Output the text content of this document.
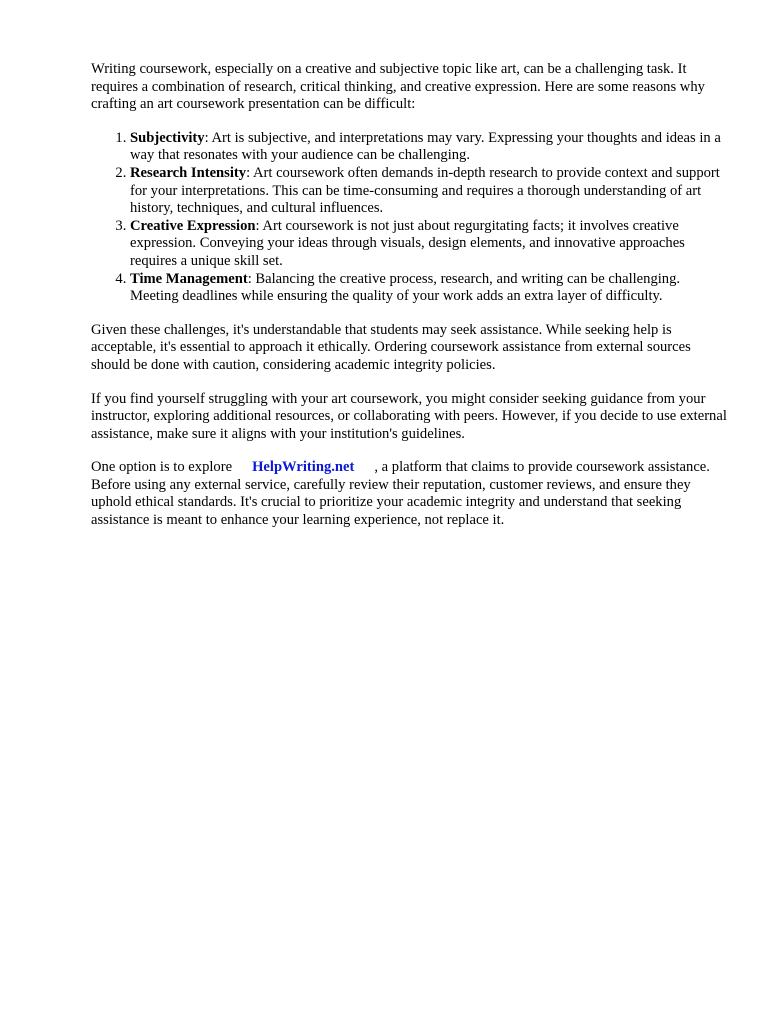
Writing coursework, especially on a creative and subjective topic like art, can be a challenging task. It requires a combination of research, critical thinking, and creative expression. Here are some reasons why crafting an art coursework presentation can be difficult:

1. Subjectivity: Art is subjective, and interpretations may vary. Expressing your thoughts and ideas in a way that resonates with your audience can be challenging.
2. Research Intensity: Art coursework often demands in-depth research to provide context and support for your interpretations. This can be time-consuming and requires a thorough understanding of art history, techniques, and cultural influences.
3. Creative Expression: Art coursework is not just about regurgitating facts; it involves creative expression. Conveying your ideas through visuals, design elements, and innovative approaches requires a unique skill set.
4. Time Management: Balancing the creative process, research, and writing can be challenging. Meeting deadlines while ensuring the quality of your work adds an extra layer of difficulty.

Given these challenges, it's understandable that students may seek assistance. While seeking help is acceptable, it's essential to approach it ethically. Ordering coursework assistance from external sources should be done with caution, considering academic integrity policies.

If you find yourself struggling with your art coursework, you might consider seeking guidance from your instructor, exploring additional resources, or collaborating with peers. However, if you decide to use external assistance, make sure it aligns with your institution's guidelines.

One option is to explore HelpWriting.net , a platform that claims to provide coursework assistance. Before using any external service, carefully review their reputation, customer reviews, and ensure they uphold ethical standards. It's crucial to prioritize your academic integrity and understand that seeking assistance is meant to enhance your learning experience, not replace it.
